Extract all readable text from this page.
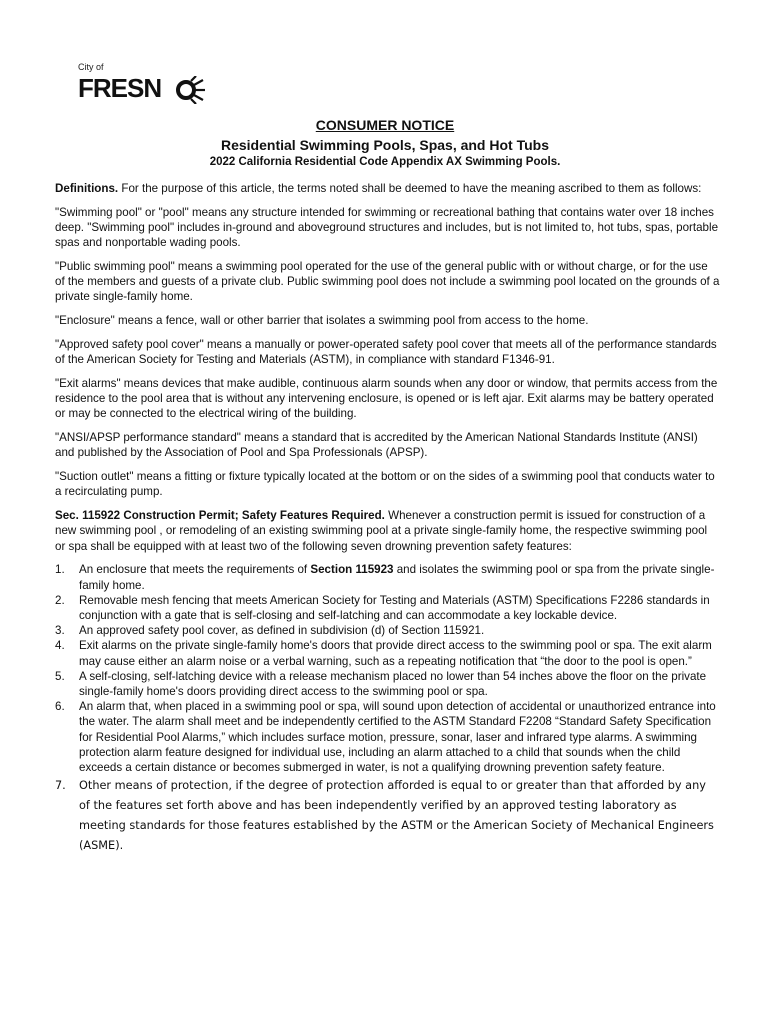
City of
FRESN
CONSUMER NOTICE
Residential Swimming Pools, Spas, and Hot Tubs
2022 California Residential Code Appendix AX Swimming Pools.

Definitions. For the purpose of this article, the terms noted shall be deemed to have the meaning ascribed to them as follows:

"Swimming pool" or "pool" means any structure intended for swimming or recreational bathing that contains water over 18 inches deep. "Swimming pool" includes in-ground and aboveground structures and includes, but is not limited to, hot tubs, spas, portable spas and nonportable wading pools.

"Public swimming pool" means a swimming pool operated for the use of the general public with or without charge, or for the use of the members and guests of a private club. Public swimming pool does not include a swimming pool located on the grounds of a private single-family home.

"Enclosure" means a fence, wall or other barrier that isolates a swimming pool from access to the home.

"Approved safety pool cover" means a manually or power-operated safety pool cover that meets all of the performance standards of the American Society for Testing and Materials (ASTM), in compliance with standard F1346-91.

"Exit alarms" means devices that make audible, continuous alarm sounds when any door or window, that permits access from the residence to the pool area that is without any intervening enclosure, is opened or is left ajar. Exit alarms may be battery operated or may be connected to the electrical wiring of the building.

"ANSI/APSP performance standard" means a standard that is accredited by the American National Standards Institute (ANSI) and published by the Association of Pool and Spa Professionals (APSP).

"Suction outlet" means a fitting or fixture typically located at the bottom or on the sides of a swimming pool that conducts water to a recirculating pump.

Sec. 115922 Construction Permit; Safety Features Required. Whenever a construction permit is issued for construction of a new swimming pool , or remodeling of an existing swimming pool at a private single-family home, the respective swimming pool or spa shall be equipped with at least two of the following seven drowning prevention safety features:

1. An enclosure that meets the requirements of Section 115923 and isolates the swimming pool or spa from the private single-family home.
2. Removable mesh fencing that meets American Society for Testing and Materials (ASTM) Specifications F2286 standards in conjunction with a gate that is self-closing and self-latching and can accommodate a key lockable device.
3. An approved safety pool cover, as defined in subdivision (d) of Section 115921.
4. Exit alarms on the private single-family home's doors that provide direct access to the swimming pool or spa. The exit alarm may cause either an alarm noise or a verbal warning, such as a repeating notification that “the door to the pool is open.”
5. A self-closing, self-latching device with a release mechanism placed no lower than 54 inches above the floor on the private single-family home's doors providing direct access to the swimming pool or spa.
6. An alarm that, when placed in a swimming pool or spa, will sound upon detection of accidental or unauthorized entrance into the water. The alarm shall meet and be independently certified to the ASTM Standard F2208 “Standard Safety Specification for Residential Pool Alarms,” which includes surface motion, pressure, sonar, laser and infrared type alarms. A swimming protection alarm feature designed for individual use, including an alarm attached to a child that sounds when the child exceeds a certain distance or becomes submerged in water, is not a qualifying drowning prevention safety feature.
7. Other means of protection, if the degree of protection afforded is equal to or greater than that afforded by any of the features set forth above and has been independently verified by an approved testing laboratory as meeting standards for those features established by the ASTM or the American Society of Mechanical Engineers (ASME).
